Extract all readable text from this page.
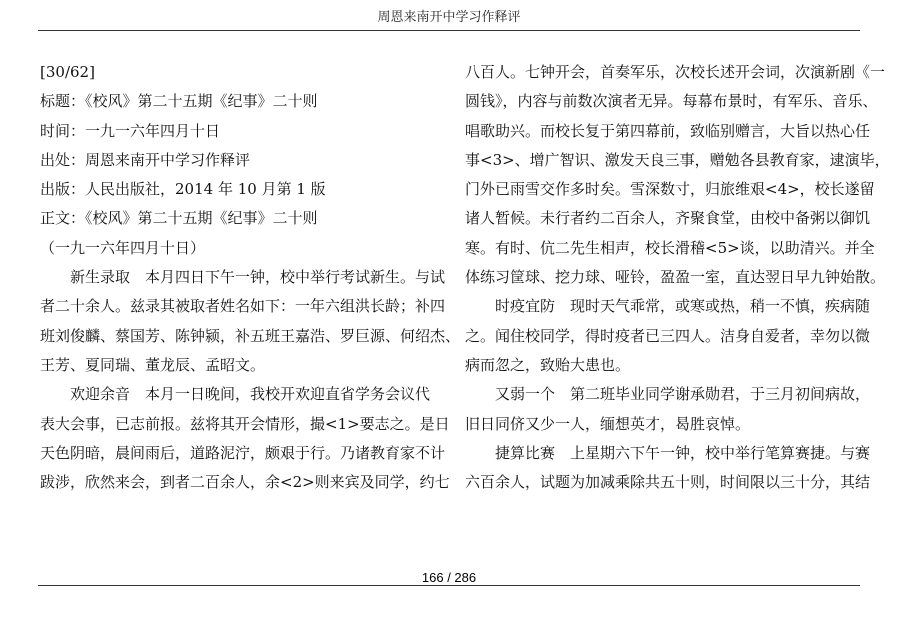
周恩来南开中学习作释评
[30/62]
标题：《校风》第二十五期《纪事》二十则
时间：一九一六年四月十日
出处：周恩来南开中学习作释评
出版：人民出版社，2014 年 10 月第 1 版
正文：《校风》第二十五期《纪事》二十则
（一九一六年四月十日）
　　新生录取　本月四日下午一钟，校中举行考试新生。与试
者二十余人。兹录其被取者姓名如下：一年六组洪长龄；补四
班刘俊麟、蔡国芳、陈钟颍，补五班王嘉浩、罗巨源、何绍杰、
王芳、夏同瑞、董龙辰、孟昭文。
　　欢迎余音　本月一日晚间，我校开欢迎直省学务会议代
表大会事，已志前报。兹将其开会情形，撮<1>要志之。是日
天色阴暗，晨间雨后，道路泥泞，颇艰于行。乃诸教育家不计
跋涉，欣然来会，到者二百余人，余<2>则来宾及同学，约七
八百人。七钟开会，首奏军乐，次校长述开会词，次演新剧《一
圆钱》，内容与前数次演者无异。每幕布景时，有军乐、音乐、
唱歌助兴。而校长复于第四幕前，致临别赠言，大旨以热心任
事<3>、增广智识、激发天良三事，赠勉各县教育家，逮演毕，
门外已雨雪交作多时矣。雪深数寸，归旅维艰<4>，校长遂留
诸人暂候。未行者约二百余人，齐聚食堂，由校中备粥以御饥
寒。有时、伉二先生相声，校长滑稽<5>谈，以助清兴。并全
体练习筐球、挖力球、哑铃，盈盈一室，直达翌日早九钟始散。
　　时疫宜防　现时天气乖常，或寒或热，稍一不慎，疾病随
之。闻住校同学，得时疫者已三四人。洁身自爱者，幸勿以微
病而忽之，致贻大患也。
　　又弱一个　第二班毕业同学谢承勋君，于三月初间病故，
旧日同侪又少一人，缅想英才，曷胜哀悼。
　　捷算比赛　上星期六下午一钟，校中举行笔算赛捷。与赛
六百余人，试题为加减乘除共五十则，时间限以三十分，其结
166 / 286
